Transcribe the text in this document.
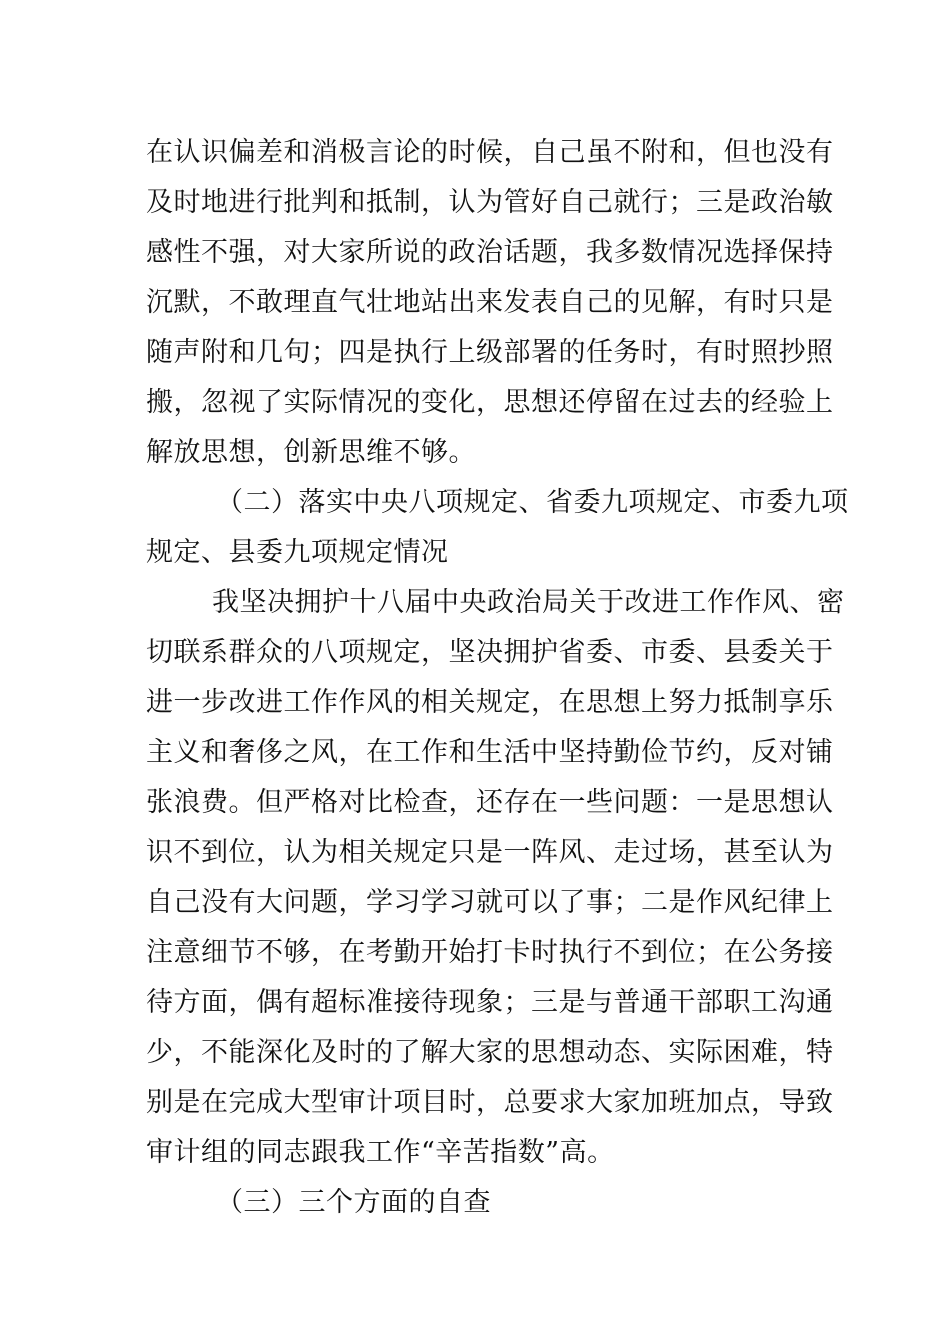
在认识偏差和消极言论的时候，自己虽不附和，但也没有
及时地进行批判和抵制，认为管好自己就行；三是政治敏
感性不强，对大家所说的政治话题，我多数情况选择保持
沉默，不敢理直气壮地站出来发表自己的见解，有时只是
随声附和几句；四是执行上级部署的任务时，有时照抄照
搬，忽视了实际情况的变化，思想还停留在过去的经验上
解放思想，创新思维不够。
（二）落实中央八项规定、省委九项规定、市委九项
规定、县委九项规定情况
我坚决拥护十八届中央政治局关于改进工作作风、密
切联系群众的八项规定，坚决拥护省委、市委、县委关于
进一步改进工作作风的相关规定，在思想上努力抵制享乐
主义和奢侈之风，在工作和生活中坚持勤俭节约，反对铺
张浪费。但严格对比检查，还存在一些问题：一是思想认
识不到位，认为相关规定只是一阵风、走过场，甚至认为
自己没有大问题，学习学习就可以了事；二是作风纪律上
注意细节不够，在考勤开始打卡时执行不到位；在公务接
待方面，偶有超标准接待现象；三是与普通干部职工沟通
少，不能深化及时的了解大家的思想动态、实际困难，特
别是在完成大型审计项目时，总要求大家加班加点，导致
审计组的同志跟我工作“辛苦指数”高。
（三）三个方面的自查
